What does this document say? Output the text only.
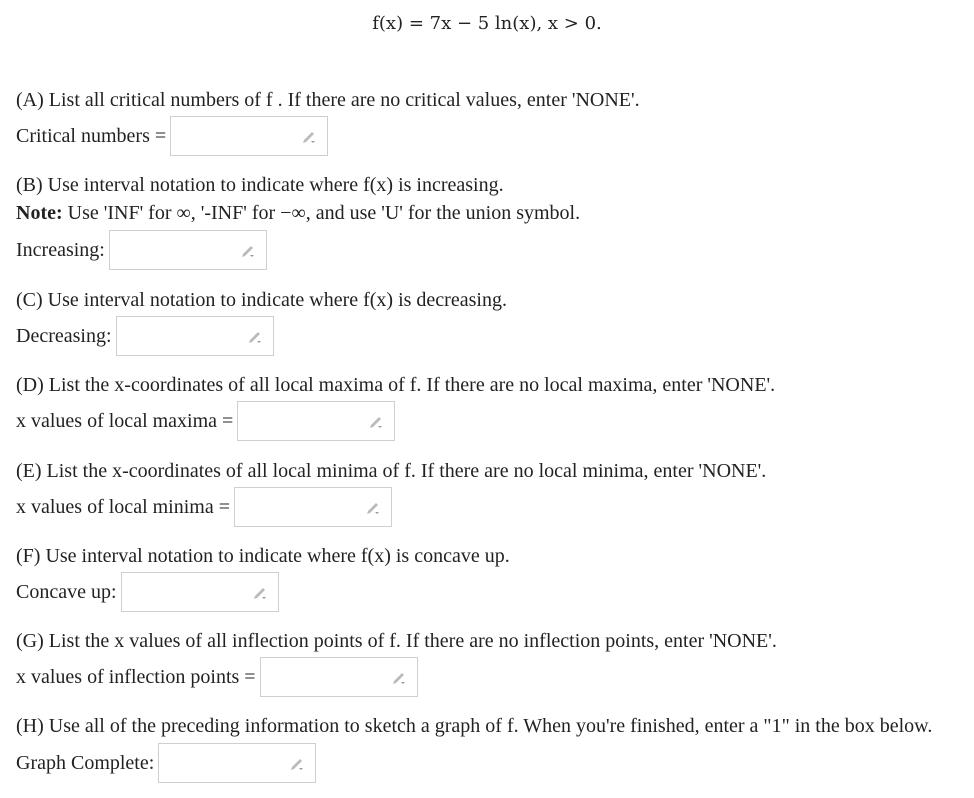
f(x) = 7x − 5 ln(x), x > 0.
(A) List all critical numbers of f . If there are no critical values, enter 'NONE'.
Critical numbers =
(B) Use interval notation to indicate where f(x) is increasing.
Note: Use 'INF' for ∞, '-INF' for −∞, and use 'U' for the union symbol.
Increasing:
(C) Use interval notation to indicate where f(x) is decreasing.
Decreasing:
(D) List the x-coordinates of all local maxima of f. If there are no local maxima, enter 'NONE'.
x values of local maxima =
(E) List the x-coordinates of all local minima of f. If there are no local minima, enter 'NONE'.
x values of local minima =
(F) Use interval notation to indicate where f(x) is concave up.
Concave up:
(G) List the x values of all inflection points of f. If there are no inflection points, enter 'NONE'.
x values of inflection points =
(H) Use all of the preceding information to sketch a graph of f. When you're finished, enter a "1" in the box below.
Graph Complete:
